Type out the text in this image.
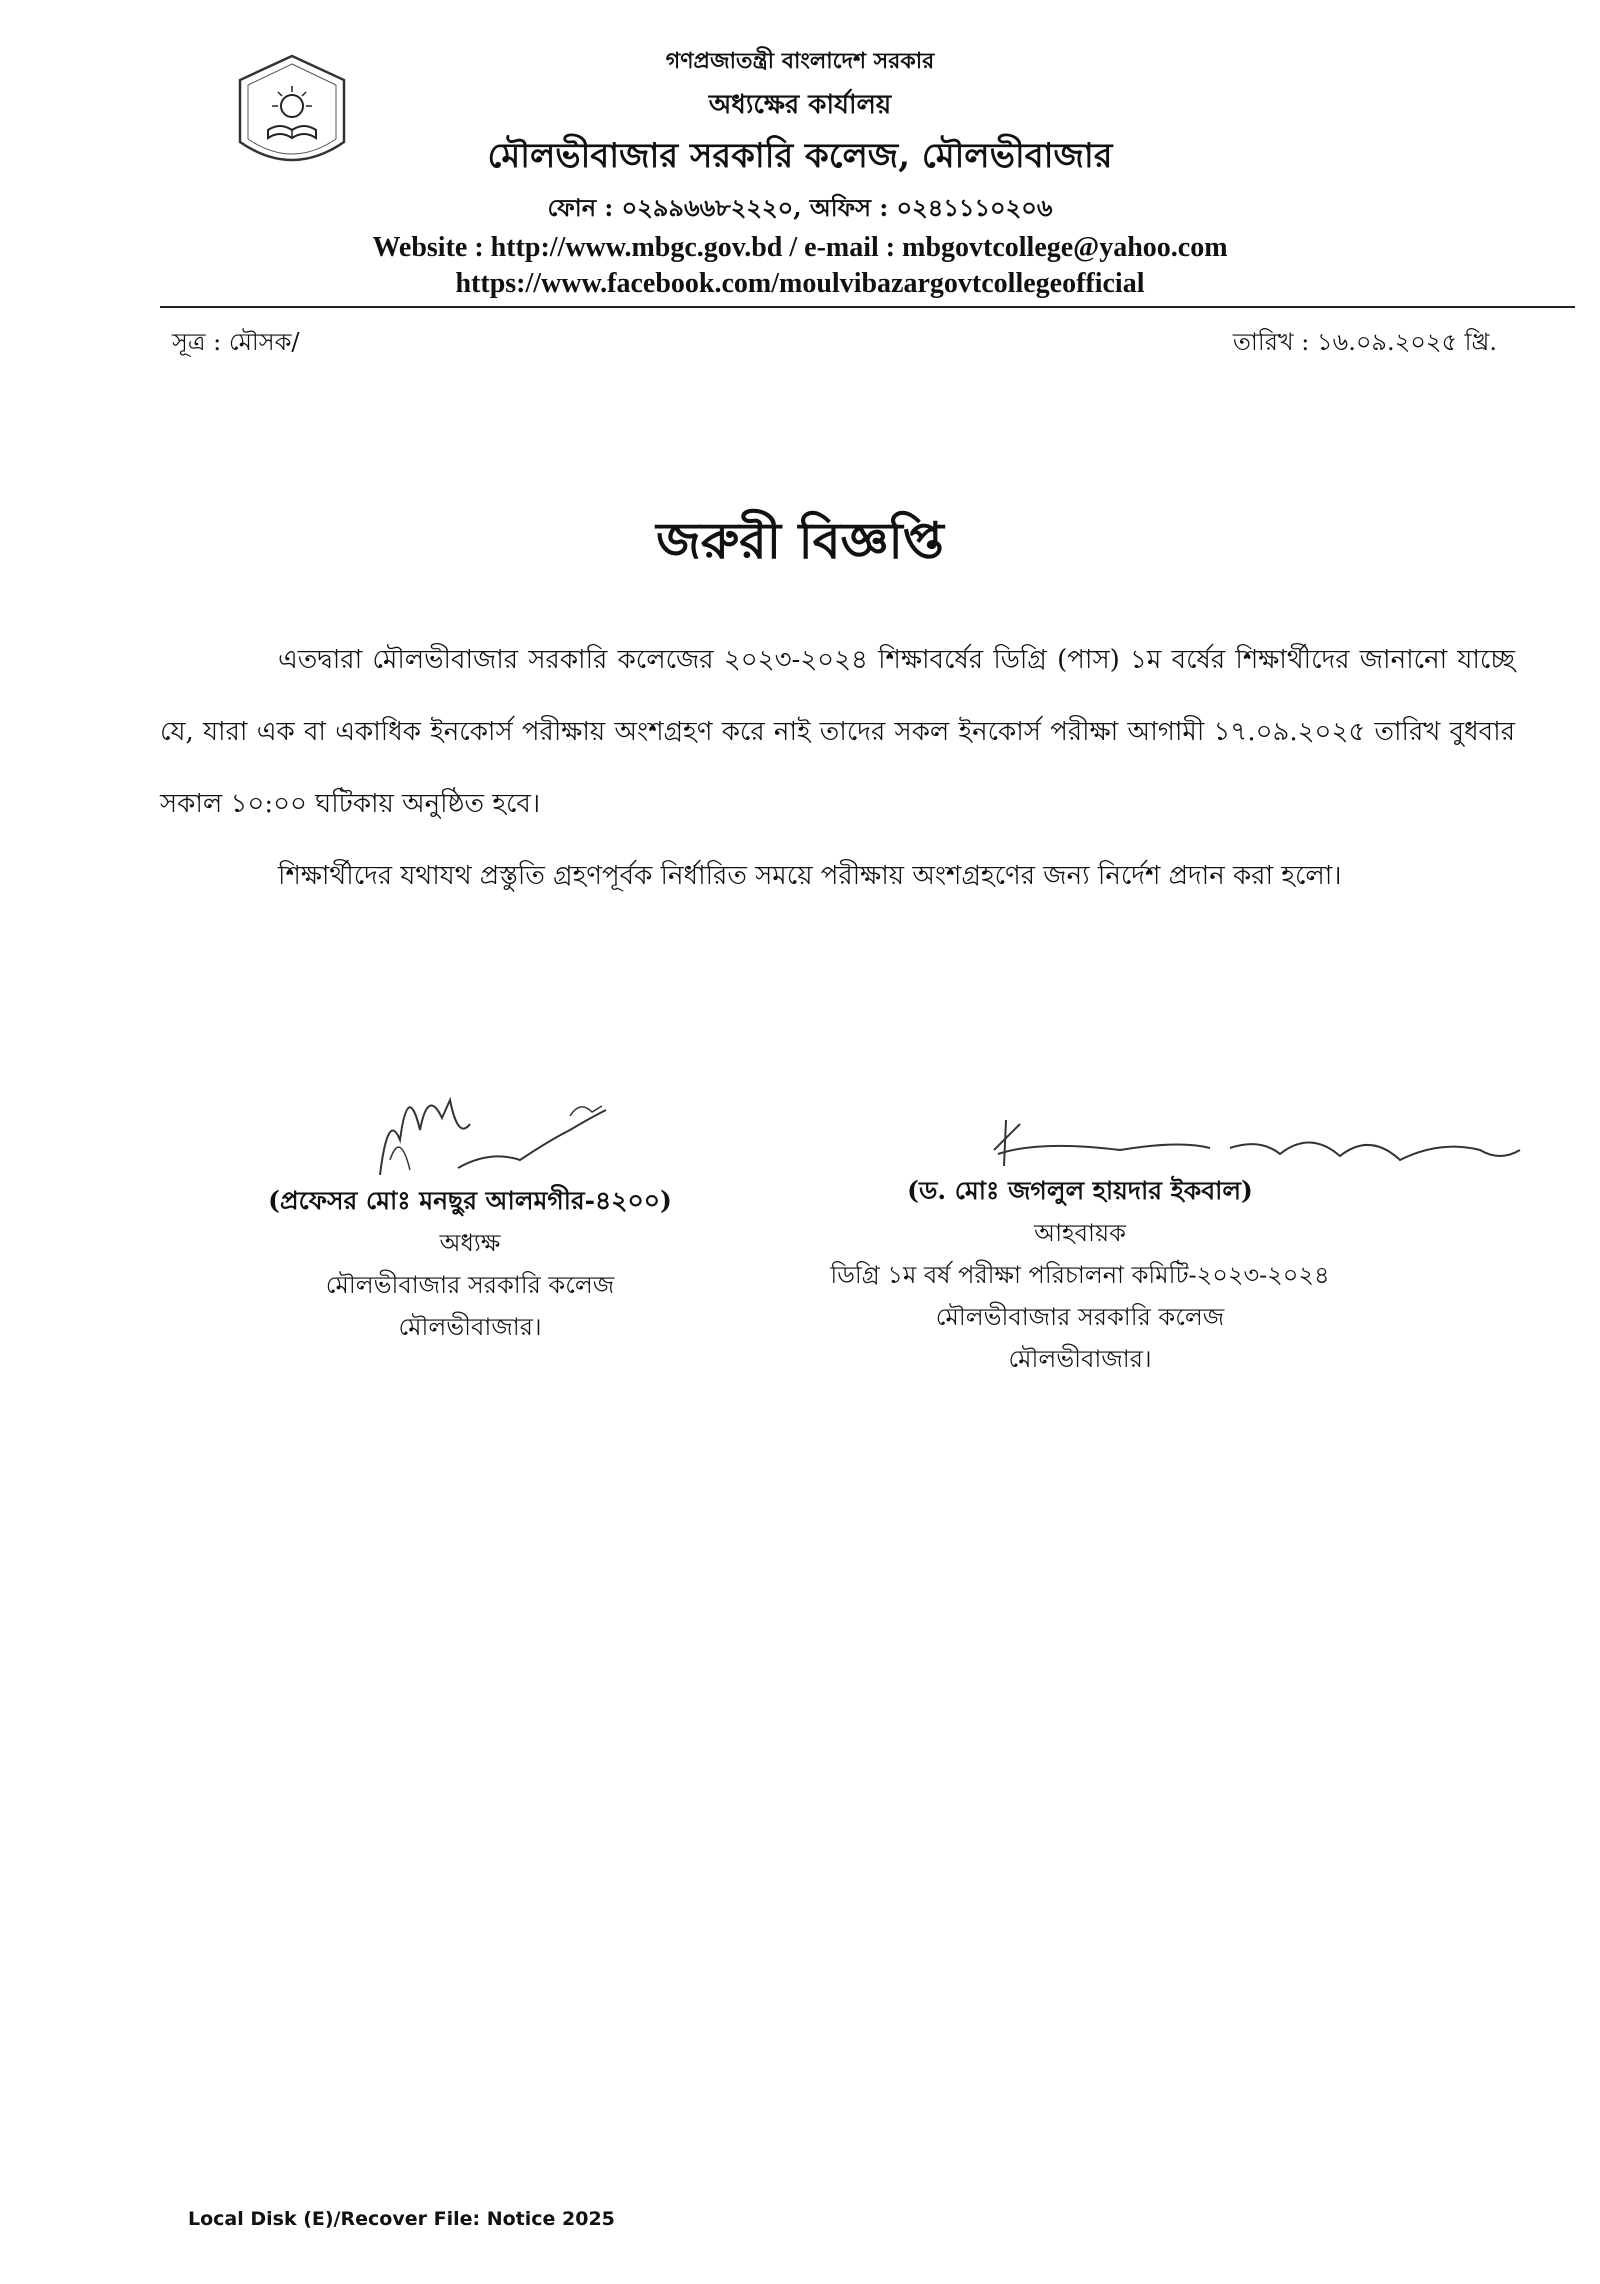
গণপ্রজাতন্ত্রী বাংলাদেশ সরকার
অধ্যক্ষের কার্যালয়
মৌলভীবাজার সরকারি কলেজ, মৌলভীবাজার
ফোন : ০২৯৯৬৬৮২২২০, অফিস : ০২৪১১১০২০৬
Website : http://www.mbgc.gov.bd / e-mail : mbgovtcollege@yahoo.com
https://www.facebook.com/moulvibazargovtcollegeofficial
সূত্র : মৌসক/	তারিখ : ১৬.০৯.২০২৫ খ্রি.
জরুরী বিজ্ঞপ্তি

এতদ্বারা মৌলভীবাজার সরকারি কলেজের ২০২৩-২০২৪ শিক্ষাবর্ষের ডিগ্রি (পাস) ১ম বর্ষের শিক্ষার্থীদের জানানো যাচ্ছে যে, যারা এক বা একাধিক ইনকোর্স পরীক্ষায় অংশগ্রহণ করে নাই তাদের সকল ইনকোর্স পরীক্ষা আগামী ১৭.০৯.২০২৫ তারিখ বুধবার সকাল ১০:০০ ঘটিকায় অনুষ্ঠিত হবে।

শিক্ষার্থীদের যথাযথ প্রস্তুতি গ্রহণপূর্বক নির্ধারিত সময়ে পরীক্ষায় অংশগ্রহণের জন্য নির্দেশ প্রদান করা হলো।

(প্রফেসর মোঃ মনছুর আলমগীর-৪২০০)
অধ্যক্ষ
মৌলভীবাজার সরকারি কলেজ
মৌলভীবাজার।
(ড. মোঃ জগলুল হায়দার ইকবাল)
আহবায়ক
ডিগ্রি ১ম বর্ষ পরীক্ষা পরিচালনা কমিটি-২০২৩-২০২৪
মৌলভীবাজার সরকারি কলেজ
মৌলভীবাজার।
Local Disk (E)/Recover File: Notice 2025
